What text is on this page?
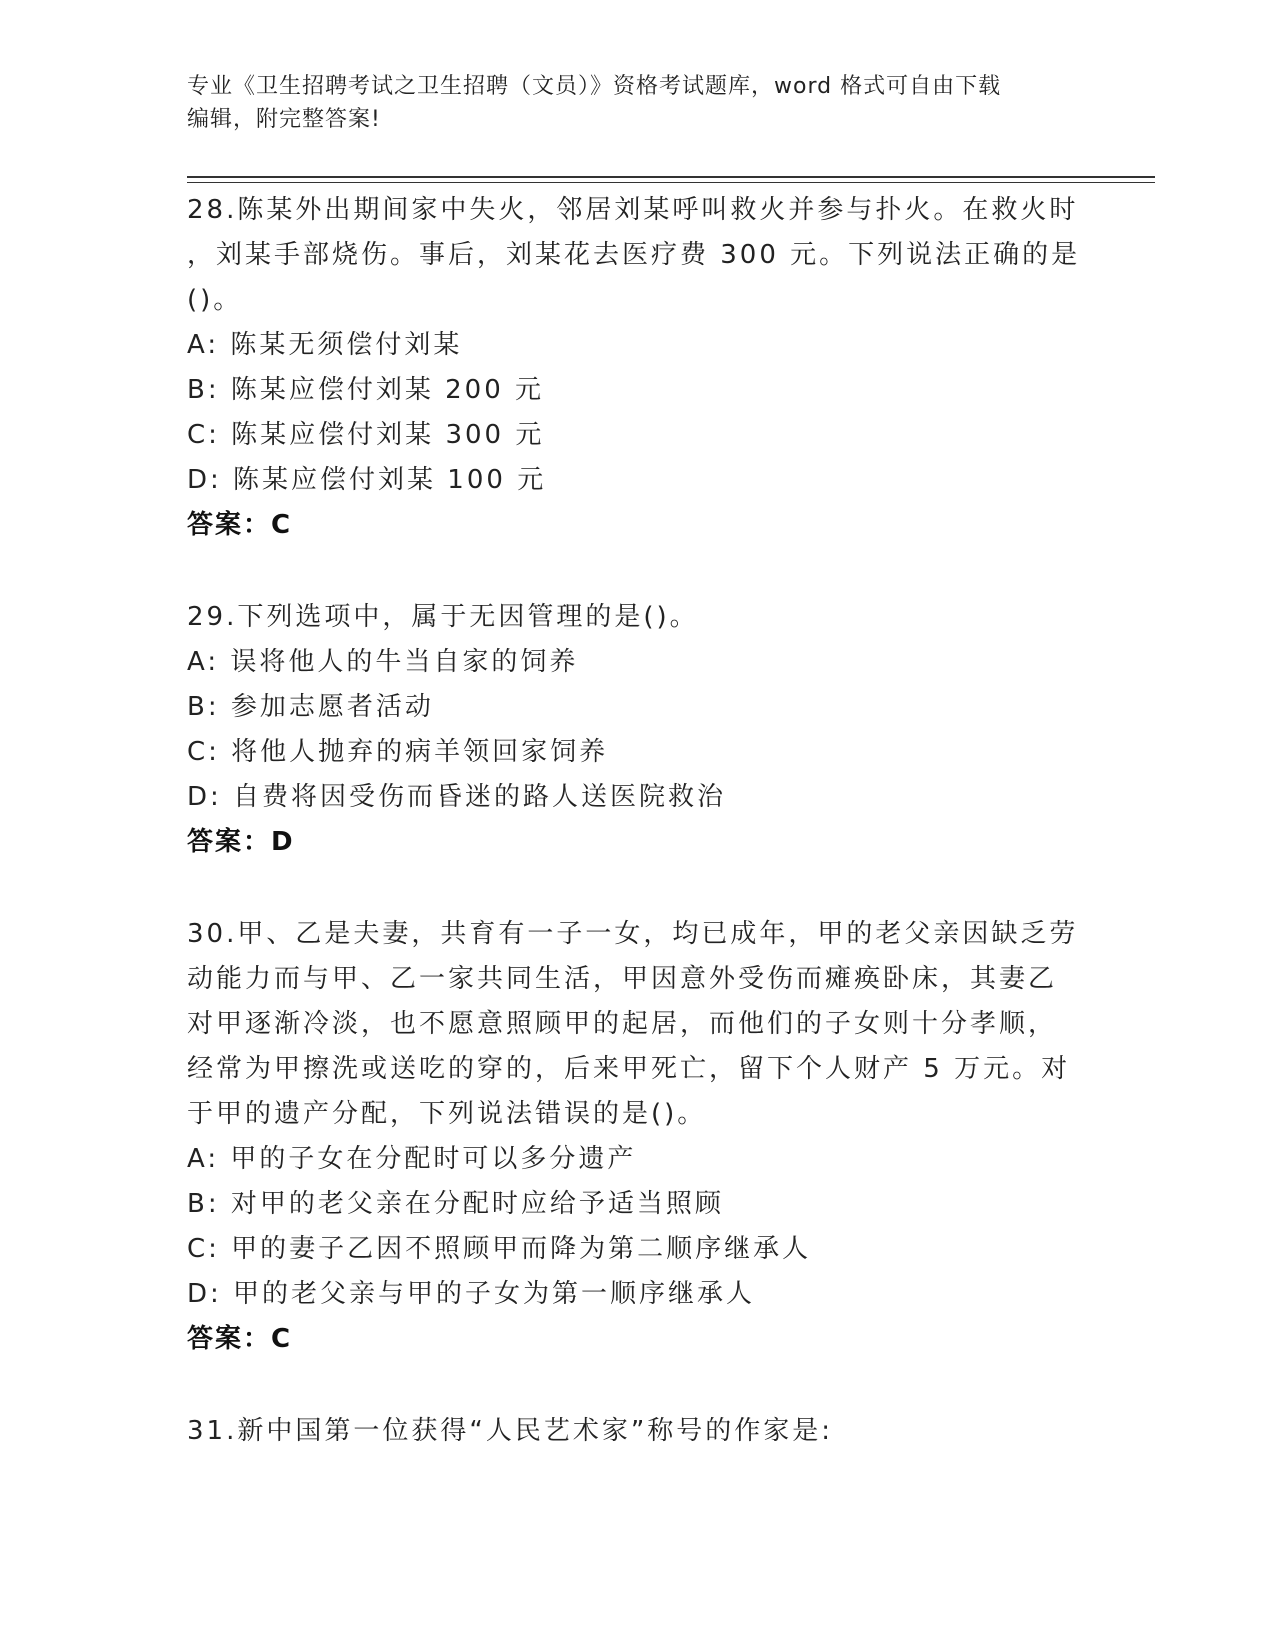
专业《卫生招聘考试之卫生招聘（文员）》资格考试题库，word 格式可自由下载
编辑，附完整答案!
28.陈某外出期间家中失火，邻居刘某呼叫救火并参与扑火。在救火时
，刘某手部烧伤。事后，刘某花去医疗费 300 元。下列说法正确的是
()。
A: 陈某无须偿付刘某
B: 陈某应偿付刘某 200 元
C: 陈某应偿付刘某 300 元
D: 陈某应偿付刘某 100 元
答案：C
29.下列选项中，属于无因管理的是()。
A: 误将他人的牛当自家的饲养
B: 参加志愿者活动
C: 将他人抛弃的病羊领回家饲养
D: 自费将因受伤而昏迷的路人送医院救治
答案：D
30.甲、乙是夫妻，共育有一子一女，均已成年，甲的老父亲因缺乏劳
动能力而与甲、乙一家共同生活，甲因意外受伤而瘫痪卧床，其妻乙
对甲逐渐冷淡，也不愿意照顾甲的起居，而他们的子女则十分孝顺，
经常为甲擦洗或送吃的穿的，后来甲死亡，留下个人财产 5 万元。对
于甲的遗产分配，下列说法错误的是()。
A: 甲的子女在分配时可以多分遗产
B: 对甲的老父亲在分配时应给予适当照顾
C: 甲的妻子乙因不照顾甲而降为第二顺序继承人
D: 甲的老父亲与甲的子女为第一顺序继承人
答案：C
31.新中国第一位获得“人民艺术家”称号的作家是:
